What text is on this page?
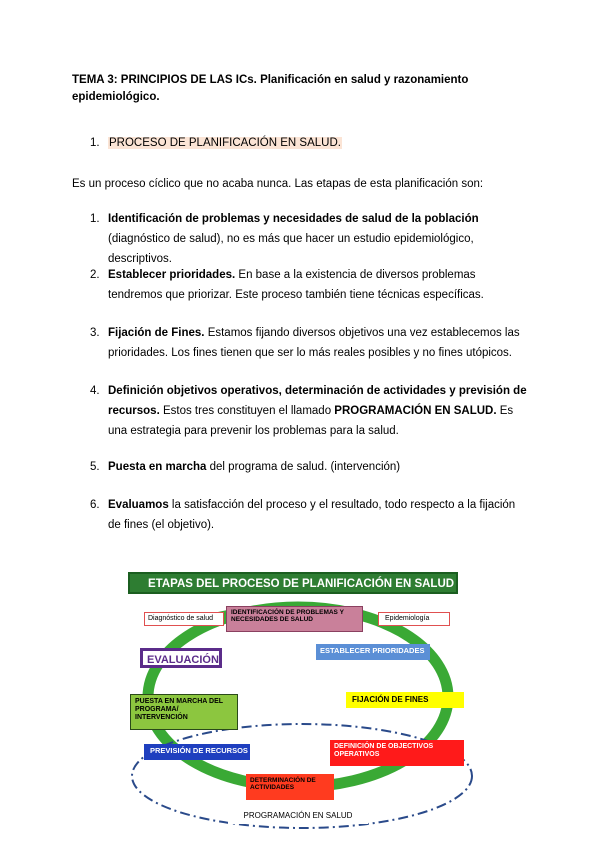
TEMA 3: PRINCIPIOS DE LAS ICs. Planificación en salud y razonamiento epidemiológico.
1. PROCESO DE PLANIFICACIÓN EN SALUD.
Es un proceso cíclico que no acaba nunca. Las etapas de esta planificación son:
1. Identificación de problemas y necesidades de salud de la población (diagnóstico de salud), no es más que hacer un estudio epidemiológico, descriptivos.
2. Establecer prioridades. En base a la existencia de diversos problemas tendremos que priorizar. Este proceso también tiene técnicas específicas.
3. Fijación de Fines. Estamos fijando diversos objetivos una vez establecemos las prioridades. Los fines tienen que ser lo más reales posibles y no fines utópicos.
4. Definición objetivos operativos, determinación de actividades y previsión de recursos. Estos tres constituyen el llamado PROGRAMACIÓN EN SALUD. Es una estrategia para prevenir los problemas para la salud.
5. Puesta en marcha del programa de salud. (intervención)
6. Evaluamos la satisfacción del proceso y el resultado, todo respecto a la fijación de fines (el objetivo).
ETAPAS DEL PROCESO DE PLANIFICACIÓN EN SALUD
Diagnóstico de salud
IDENTIFICACIÓN DE PROBLEMAS Y NECESIDADES DE SALUD	Epidemiología
EVALUACIÓN
ESTABLECER PRIORIDADES
PUESTA EN MARCHA DEL PROGRAMA/ INTERVENCIÓN
FIJACIÓN DE FINES
PREVISIÓN DE RECURSOS	DEFINICIÓN DE OBJECTIVOS OPERATIVOS
DETERMINACIÓN DE ACTIVIDADES
PROGRAMACIÓN EN SALUD
